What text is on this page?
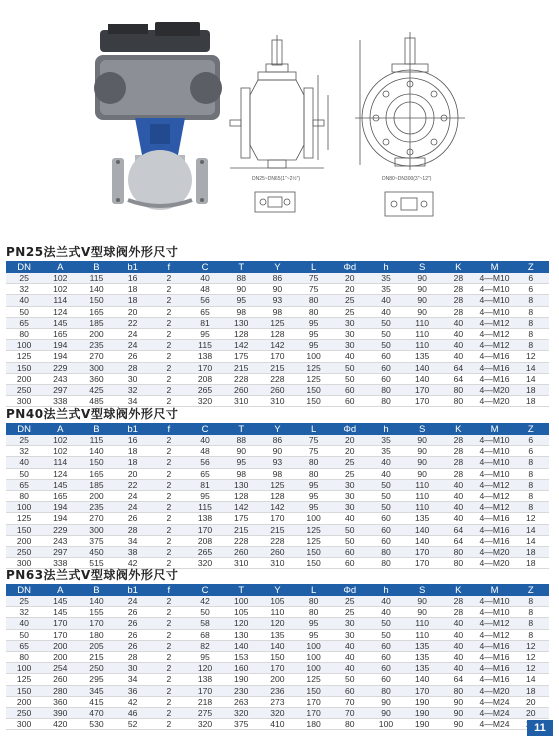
DN25~DN65(1"~2½")	DN80~DN300(3"~12")
PN25法兰式V型球阀外形尺寸
DN	A	B	b1	f	C	T	Y	L	Φd	h	S	K	M	Z
25	102	115	16	2	40	88	86	75	20	35	90	28	4—M10	6
32	102	140	18	2	48	90	90	75	20	35	90	28	4—M10	6
40	114	150	18	2	56	95	93	80	25	40	90	28	4—M10	8
50	124	165	20	2	65	98	98	80	25	40	90	28	4—M10	8
65	145	185	22	2	81	130	125	95	30	50	110	40	4—M12	8
80	165	200	24	2	95	128	128	95	30	50	110	40	4—M12	8
100	194	235	24	2	115	142	142	95	30	50	110	40	4—M12	8
125	194	270	26	2	138	175	170	100	40	60	135	40	4—M16	12
150	229	300	28	2	170	215	215	125	50	60	140	64	4—M16	14
200	243	360	30	2	208	228	228	125	50	60	140	64	4—M16	14
250	297	425	32	2	265	260	260	150	60	80	170	80	4—M20	18
300	338	485	34	2	320	310	310	150	60	80	170	80	4—M20	18
PN40法兰式V型球阀外形尺寸
DN	A	B	b1	f	C	T	Y	L	Φd	h	S	K	M	Z
25	102	115	16	2	40	88	86	75	20	35	90	28	4—M10	6
32	102	140	18	2	48	90	90	75	20	35	90	28	4—M10	6
40	114	150	18	2	56	95	93	80	25	40	90	28	4—M10	8
50	124	165	20	2	65	98	98	80	25	40	90	28	4—M10	8
65	145	185	22	2	81	130	125	95	30	50	110	40	4—M12	8
80	165	200	24	2	95	128	128	95	30	50	110	40	4—M12	8
100	194	235	24	2	115	142	142	95	30	50	110	40	4—M12	8
125	194	270	26	2	138	175	170	100	40	60	135	40	4—M16	12
150	229	300	28	2	170	215	215	125	50	60	140	64	4—M16	14
200	243	375	34	2	208	228	228	125	50	60	140	64	4—M16	14
250	297	450	38	2	265	260	260	150	60	80	170	80	4—M20	18
300	338	515	42	2	320	310	310	150	60	80	170	80	4—M20	18
PN63法兰式V型球阀外形尺寸
DN	A	B	b1	f	C	T	Y	L	Φd	h	S	K	M	Z
25	145	140	24	2	42	100	105	80	25	40	90	28	4—M10	8
32	145	155	26	2	50	105	110	80	25	40	90	28	4—M10	8
40	170	170	26	2	58	120	120	95	30	50	110	40	4—M12	8
50	170	180	26	2	68	130	135	95	30	50	110	40	4—M12	8
65	200	205	26	2	82	140	140	100	40	60	135	40	4—M16	12
80	200	215	28	2	95	153	150	100	40	60	135	40	4—M16	12
100	254	250	30	2	120	160	170	100	40	60	135	40	4—M16	12
125	260	295	34	2	138	190	200	125	50	60	140	64	4—M16	14
150	280	345	36	2	170	230	236	150	60	80	170	80	4—M20	18
200	360	415	42	2	218	263	273	170	70	90	190	90	4—M24	20
250	390	470	46	2	275	320	320	170	70	90	190	90	4—M24	20
300	420	530	52	2	320	375	410	180	80	100	190	90	4—M24		11
